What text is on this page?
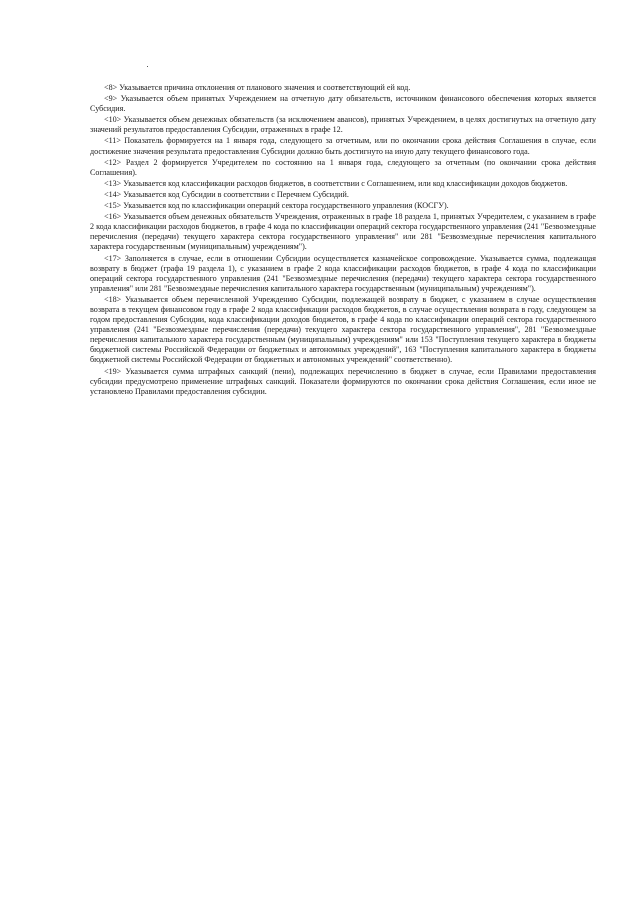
<8> Указывается причина отклонения от планового значения и соответствующий ей код.

<9> Указывается объем принятых Учреждением на отчетную дату обязательств, источником финансового обеспечения которых является Субсидия.

<10> Указывается объем денежных обязательств (за исключением авансов), принятых Учреждением, в целях достигнутых на отчетную дату значений результатов предоставления Субсидии, отраженных в графе 12.

<11> Показатель формируется на 1 января года, следующего за отчетным, или по окончании срока действия Соглашения в случае, если достижение значения результата предоставления Субсидии должно быть достигнуто на иную дату текущего финансового года.

<12> Раздел 2 формируется Учредителем по состоянию на 1 января года, следующего за отчетным (по окончании срока действия Соглашения).

<13> Указывается код классификации расходов бюджетов, в соответствии с Соглашением, или код классификации доходов бюджетов.

<14> Указывается код Субсидии в соответствии с Перечнем Субсидий.

<15> Указывается код по классификации операций сектора государственного управления (КОСГУ).

<16> Указывается объем денежных обязательств Учреждения, отраженных в графе 18 раздела 1, принятых Учредителем, с указанием в графе 2 кода классификации расходов бюджетов, в графе 4 кода по классификации операций сектора государственного управления (241 "Безвозмездные перечисления (передачи) текущего характера сектора государственного управления" или 281 "Безвозмездные перечисления капитального характера государственным (муниципальным) учреждениям").

<17> Заполняется в случае, если в отношении Субсидии осуществляется казначейское сопровождение. Указывается сумма, подлежащая возврату в бюджет (графа 19 раздела 1), с указанием в графе 2 кода классификации расходов бюджетов, в графе 4 кода по классификации операций сектора государственного управления (241 "Безвозмездные перечисления (передачи) текущего характера сектора государственного управления" или 281 "Безвозмездные перечисления капитального характера государственным (муниципальным) учреждениям").

<18> Указывается объем перечисленной Учреждению Субсидии, подлежащей возврату в бюджет, с указанием в случае осуществления возврата в текущем финансовом году в графе 2 кода классификации расходов бюджетов, в случае осуществления возврата в году, следующем за годом предоставления Субсидии, кода классификации доходов бюджетов, в графе 4 кода по классификации операций сектора государственного управления (241 "Безвозмездные перечисления (передачи) текущего характера сектора государственного управления", 281 "Безвозмездные перечисления капитального характера государственным (муниципальным) учреждениям" или 153 "Поступления текущего характера в бюджеты бюджетной системы Российской Федерации от бюджетных и автономных учреждений", 163 "Поступления капитального характера в бюджеты бюджетной системы Российской Федерации от бюджетных и автономных учреждений" соответственно).

<19> Указывается сумма штрафных санкций (пени), подлежащих перечислению в бюджет в случае, если Правилами предоставления субсидии предусмотрено применение штрафных санкций. Показатели формируются по окончании срока действия Соглашения, если иное не установлено Правилами предоставления субсидии.
